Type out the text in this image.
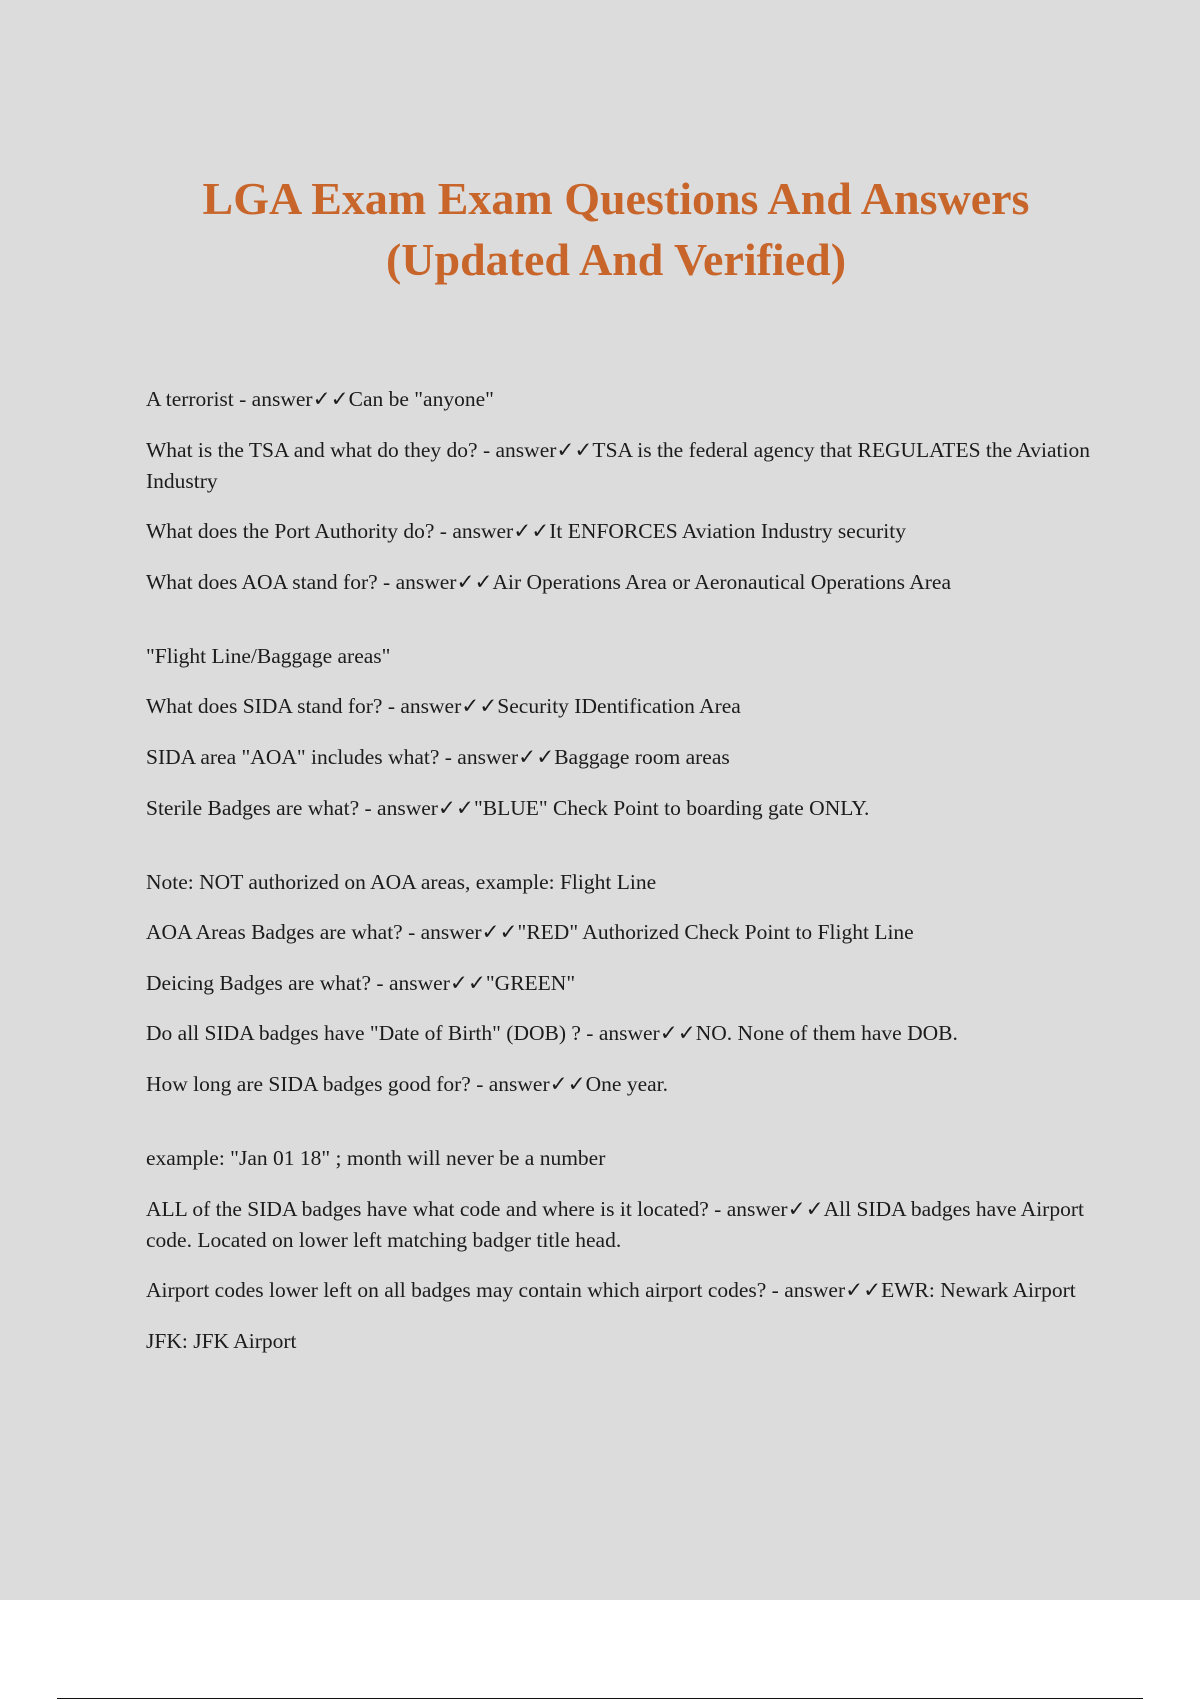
LGA Exam Exam Questions And Answers
(Updated And Verified)

A terrorist - answer✓✓Can be "anyone"

What is the TSA and what do they do? - answer✓✓TSA is the federal agency that REGULATES the Aviation Industry

What does the Port Authority do? - answer✓✓It ENFORCES Aviation Industry security

What does AOA stand for? - answer✓✓Air Operations Area or Aeronautical Operations Area

"Flight Line/Baggage areas"

What does SIDA stand for? - answer✓✓Security IDentification Area

SIDA area "AOA" includes what? - answer✓✓Baggage room areas

Sterile Badges are what? - answer✓✓"BLUE" Check Point to boarding gate ONLY.

Note: NOT authorized on AOA areas, example: Flight Line

AOA Areas Badges are what? - answer✓✓"RED" Authorized Check Point to Flight Line

Deicing Badges are what? - answer✓✓"GREEN"

Do all SIDA badges have "Date of Birth" (DOB) ? - answer✓✓NO. None of them have DOB.

How long are SIDA badges good for? - answer✓✓One year.

example: "Jan 01 18" ; month will never be a number

ALL of the SIDA badges have what code and where is it located? - answer✓✓All SIDA badges have Airport code. Located on lower left matching badger title head.

Airport codes lower left on all badges may contain which airport codes? - answer✓✓EWR: Newark Airport

JFK: JFK Airport
